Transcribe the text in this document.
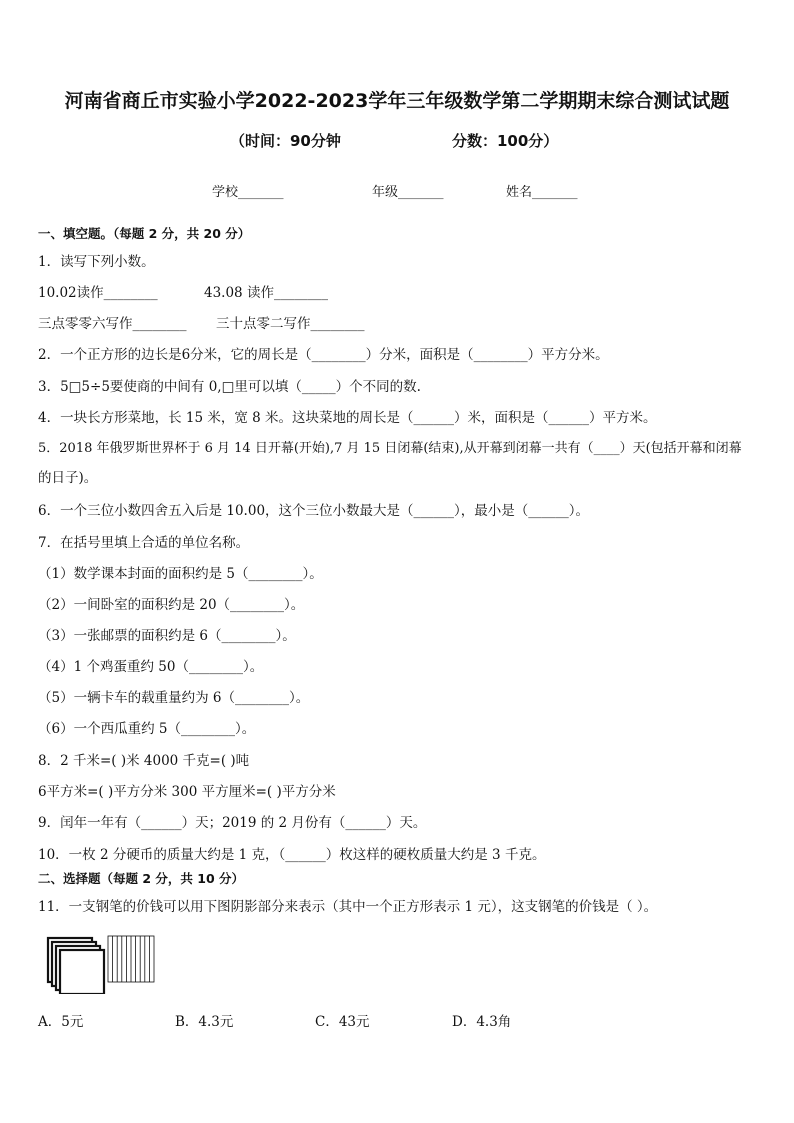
河南省商丘市实验小学2022-2023学年三年级数学第二学期期末综合测试试题
（时间：90分钟	分数：100分）
学校_______	年级_______	姓名_______
一、填空题。（每题 2 分，共 20 分）
1．读写下列小数。
10.02读作________	43.08 读作________
三点零零六写作________ 三十点零二写作________
2．一个正方形的边长是6分米，它的周长是（________）分米，面积是（________）平方分米。
3．5□5÷5要使商的中间有 0,□里可以填（_____）个不同的数.
4．一块长方形菜地，长 15 米，宽 8 米。这块菜地的周长是（______）米，面积是（______）平方米。
5．2018 年俄罗斯世界杯于 6 月 14 日开幕(开始),7 月 15 日闭幕(结束),从开幕到闭幕一共有（____）天(包括开幕和闭幕
的日子)。
6．一个三位小数四舍五入后是 10.00，这个三位小数最大是（______），最小是（______）。
7．在括号里填上合适的单位名称。
（1）数学课本封面的面积约是 5（________）。
（2）一间卧室的面积约是 20（________）。
（3）一张邮票的面积约是 6（________）。
（4）1 个鸡蛋重约 50（________）。
（5）一辆卡车的载重量约为 6（________）。
（6）一个西瓜重约 5（________）。
8．2 千米=( )米 4000 千克=( )吨
6平方米=( )平方分米 300 平方厘米=( )平方分米
9．闰年一年有（______）天；2019 的 2 月份有（______）天。
10．一枚 2 分硬币的质量大约是 1 克，（______）枚这样的硬枚质量大约是 3 千克。
二、选择题（每题 2 分，共 10 分）
11．一支钢笔的价钱可以用下图阴影部分来表示（其中一个正方形表示 1 元），这支钢笔的价钱是（ ）。
A．5元	B．4.3元	C．43元	D．4.3角
